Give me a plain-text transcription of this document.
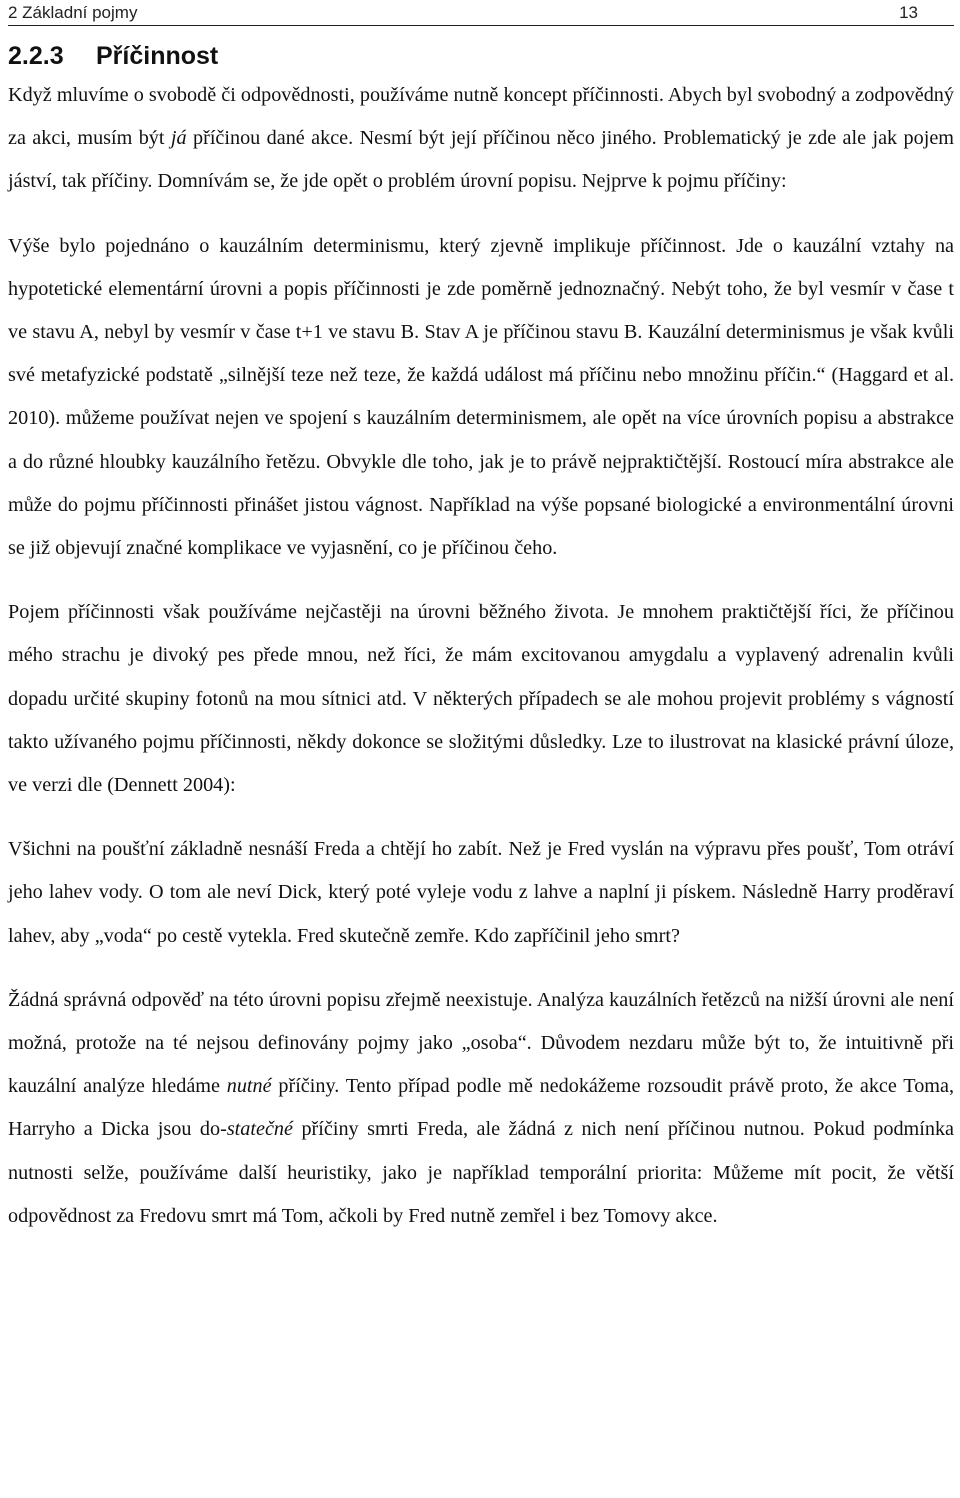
2 Základní pojmy	13
2.2.3 Příčinnost

Když mluvíme o svobodě či odpovědnosti, používáme nutně koncept příčinnosti. Abych byl svobodný a zodpovědný za akci, musím být já příčinou dané akce. Nesmí být její příčinou něco jiného. Problematický je zde ale jak pojem jáství, tak příčiny. Domnívám se, že jde opět o problém úrovní popisu. Nejprve k pojmu příčiny:

Výše bylo pojednáno o kauzálním determinismu, který zjevně implikuje příčinnost. Jde o kauzální vztahy na hypotetické elementární úrovni a popis příčinnosti je zde poměrně jednoznačný. Nebýt toho, že byl vesmír v čase t ve stavu A, nebyl by vesmír v čase t+1 ve stavu B. Stav A je příčinou stavu B. Kauzální determinismus je však kvůli své metafyzické podstatě „silnější teze než teze, že každá událost má příčinu nebo množinu příčin.“ (Haggard et al. 2010). můžeme používat nejen ve spojení s kauzálním determinismem, ale opět na více úrovních popisu a abstrakce a do různé hloubky kauzálního řetězu. Obvykle dle toho, jak je to právě nejpraktičtější. Rostoucí míra abstrakce ale může do pojmu příčinnosti přinášet jistou vágnost. Například na výše popsané biologické a environmentální úrovni se již objevují značné komplikace ve vyjasnění, co je příčinou čeho.

Pojem příčinnosti však používáme nejčastěji na úrovni běžného života. Je mnohem praktičtější říci, že příčinou mého strachu je divoký pes přede mnou, než říci, že mám excitovanou amygdalu a vyplavený adrenalin kvůli dopadu určité skupiny fotonů na mou sítnici atd. V některých případech se ale mohou projevit problémy s vágností takto užívaného pojmu příčinnosti, někdy dokonce se složitými důsledky. Lze to ilustrovat na klasické právní úloze, ve verzi dle (Dennett 2004):

Všichni na poušťní základně nesnáší Freda a chtějí ho zabít. Než je Fred vyslán na výpravu přes poušť, Tom otráví jeho lahev vody. O tom ale neví Dick, který poté vyleje vodu z lahve a naplní ji pískem. Následně Harry proděraví lahev, aby „voda“ po cestě vytekla. Fred skutečně zemře. Kdo zapříčinil jeho smrt?

Žádná správná odpověď na této úrovni popisu zřejmě neexistuje. Analýza kauzálních řetězců na nižší úrovni ale není možná, protože na té nejsou definovány pojmy jako „osoba“. Důvodem nezdaru může být to, že intuitivně při kauzální analýze hledáme nutné příčiny. Tento případ podle mě nedokážeme rozsoudit právě proto, že akce Toma, Harryho a Dicka jsou do-statečné příčiny smrti Freda, ale žádná z nich není příčinou nutnou. Pokud podmínka nutnosti selže, používáme další heuristiky, jako je například temporální priorita: Můžeme mít pocit, že větší odpovědnost za Fredovu smrt má Tom, ačkoli by Fred nutně zemřel i bez Tomovy akce.
